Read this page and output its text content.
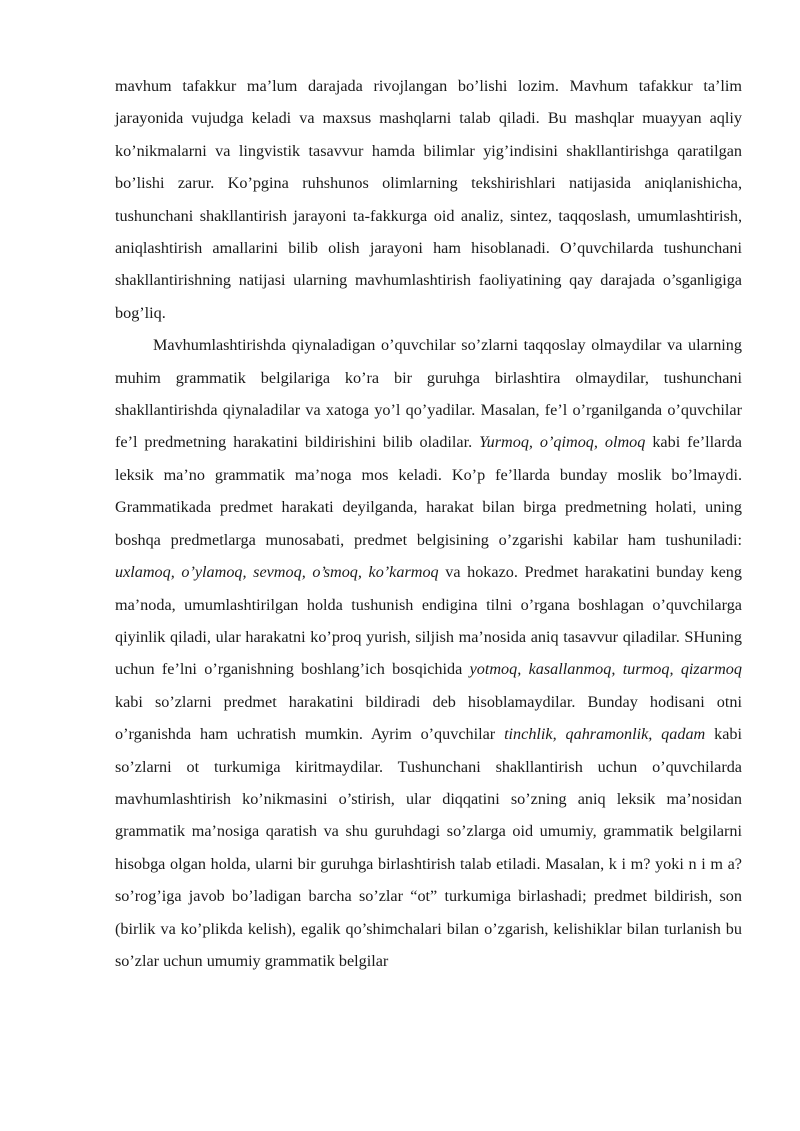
mavhum tafakkur ma’lum darajada rivojlangan bo’lishi lozim. Mavhum tafakkur ta’lim jarayonida vujudga keladi va maxsus mashqlarni talab qiladi. Bu mashqlar muayyan aqliy ko’nikmalarni va lingvistik tasavvur hamda bilimlar yig’indisini shakllantirishga qaratilgan bo’lishi zarur. Ko’pgina ruhshunos olimlarning tekshirishlari natijasida aniqlanishicha, tushunchani shakllantirish jarayoni ta-fakkurga oid analiz, sintez, taqqoslash, umumlashtirish, aniqlashtirish amallarini bilib olish jarayoni ham hisoblanadi. O’quvchilarda tushunchani shakllantirishning natijasi ularning mavhumlashtirish faoliyatining qay darajada o’sganligiga bog’liq.

Mavhumlashtirishda qiynaladigan o’quvchilar so’zlarni taqqoslay olmaydilar va ularning muhim grammatik belgilariga ko’ra bir guruhga birlashtira olmaydilar, tushunchani shakllantirishda qiynaladilar va xatoga yo’l qo’yadilar. Masalan, fe’l o’rganilganda o’quvchilar fe’l predmetning harakatini bildirishini bilib oladilar. Yurmoq, o’qimoq, olmoq kabi fe’llarda leksik ma’no grammatik ma’noga mos keladi. Ko’p fe’llarda bunday moslik bo’lmaydi. Grammatikada predmet harakati deyilganda, harakat bilan birga predmetning holati, uning boshqa predmetlarga munosabati, predmet belgisining o’zgarishi kabilar ham tushuniladi: uxlamoq, o’ylamoq, sevmoq, o’smoq, ko’karmoq va hokazo. Predmet harakatini bunday keng ma’noda, umumlashtirilgan holda tushunish endigina tilni o’rgana boshlagan o’quvchilarga qiyinlik qiladi, ular harakatni ko’proq yurish, siljish ma’nosida aniq tasavvur qiladilar. SHuning uchun fe’lni o’rganishning boshlang’ich bosqichida yotmoq, kasallanmoq, turmoq, qizarmoq kabi so’zlarni predmet harakatini bildiradi deb hisoblamaydilar. Bunday hodisani otni o’rganishda ham uchratish mumkin. Ayrim o’quvchilar tinchlik, qahramonlik, qadam kabi so’zlarni ot turkumiga kiritmaydilar. Tushunchani shakllantirish uchun o’quvchilarda mavhumlashtirish ko’nikmasini o’stirish, ular diqqatini so’zning aniq leksik ma’nosidan grammatik ma’nosiga qaratish va shu guruhdagi so’zlarga oid umumiy, grammatik belgilarni hisobga olgan holda, ularni bir guruhga birlashtirish talab etiladi. Masalan, k i m? yoki n i m a? so’rog’iga javob bo’ladigan barcha so’zlar “ot” turkumiga birlashadi; predmet bildirish, son (birlik va ko’plikda kelish), egalik qo’shimchalari bilan o’zgarish, kelishiklar bilan turlanish bu so’zlar uchun umumiy grammatik belgilar
